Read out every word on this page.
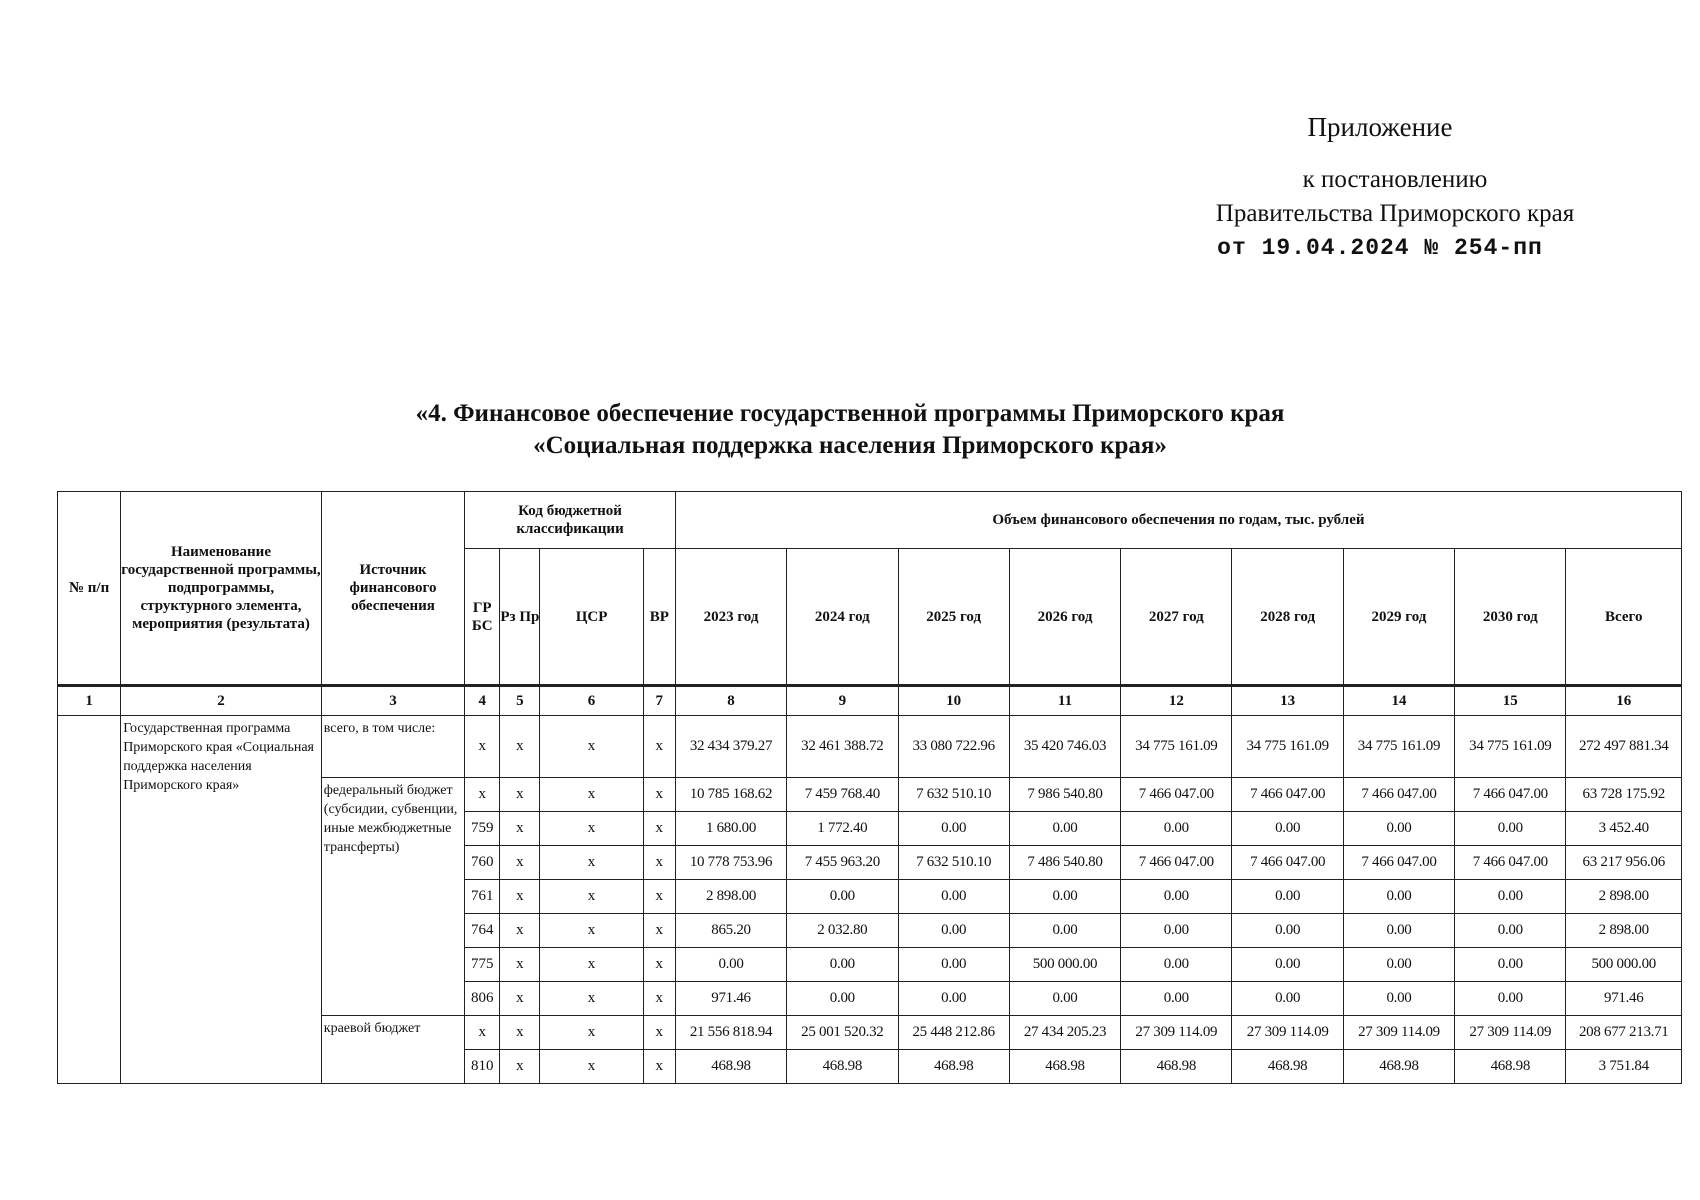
Приложение
к постановлению
Правительства Приморского края
от 19.04.2024 № 254-пп
«4. Финансовое обеспечение государственной программы Приморского края
«Социальная поддержка населения Приморского края»
№ п/п	Наименование государственной программы, подпрограммы, структурного элемента, мероприятия (результата)	Источник финансового обеспечения	Код бюджетной классификации				Объем финансового обеспечения по годам, тыс. рублей								
			ГР БС	Рз Пр	ЦСР	ВР	2023 год	2024 год	2025 год	2026 год	2027 год	2028 год	2029 год	2030 год	Всего
1	2	3	4	5	6	7	8	9	10	11	12	13	14	15	16
	Государственная программа Приморского края «Социальная поддержка населения Приморского края»	всего, в том числе:	x	x	x	x	32 434 379.27	32 461 388.72	33 080 722.96	35 420 746.03	34 775 161.09	34 775 161.09	34 775 161.09	34 775 161.09	272 497 881.34
		федеральный бюджет (субсидии, субвенции, иные межбюджетные трансферты)	x	x	x	x	10 785 168.62	7 459 768.40	7 632 510.10	7 986 540.80	7 466 047.00	7 466 047.00	7 466 047.00	7 466 047.00	63 728 175.92
			759	x	x	x	1 680.00	1 772.40	0.00	0.00	0.00	0.00	0.00	0.00	3 452.40
			760	x	x	x	10 778 753.96	7 455 963.20	7 632 510.10	7 486 540.80	7 466 047.00	7 466 047.00	7 466 047.00	7 466 047.00	63 217 956.06
			761	x	x	x	2 898.00	0.00	0.00	0.00	0.00	0.00	0.00	0.00	2 898.00
			764	x	x	x	865.20	2 032.80	0.00	0.00	0.00	0.00	0.00	0.00	2 898.00
			775	x	x	x	0.00	0.00	0.00	500 000.00	0.00	0.00	0.00	0.00	500 000.00
			806	x	x	x	971.46	0.00	0.00	0.00	0.00	0.00	0.00	0.00	971.46
		краевой бюджет	x	x	x	x	21 556 818.94	25 001 520.32	25 448 212.86	27 434 205.23	27 309 114.09	27 309 114.09	27 309 114.09	27 309 114.09	208 677 213.71
			810	x	x	x	468.98	468.98	468.98	468.98	468.98	468.98	468.98	468.98	3 751.84
